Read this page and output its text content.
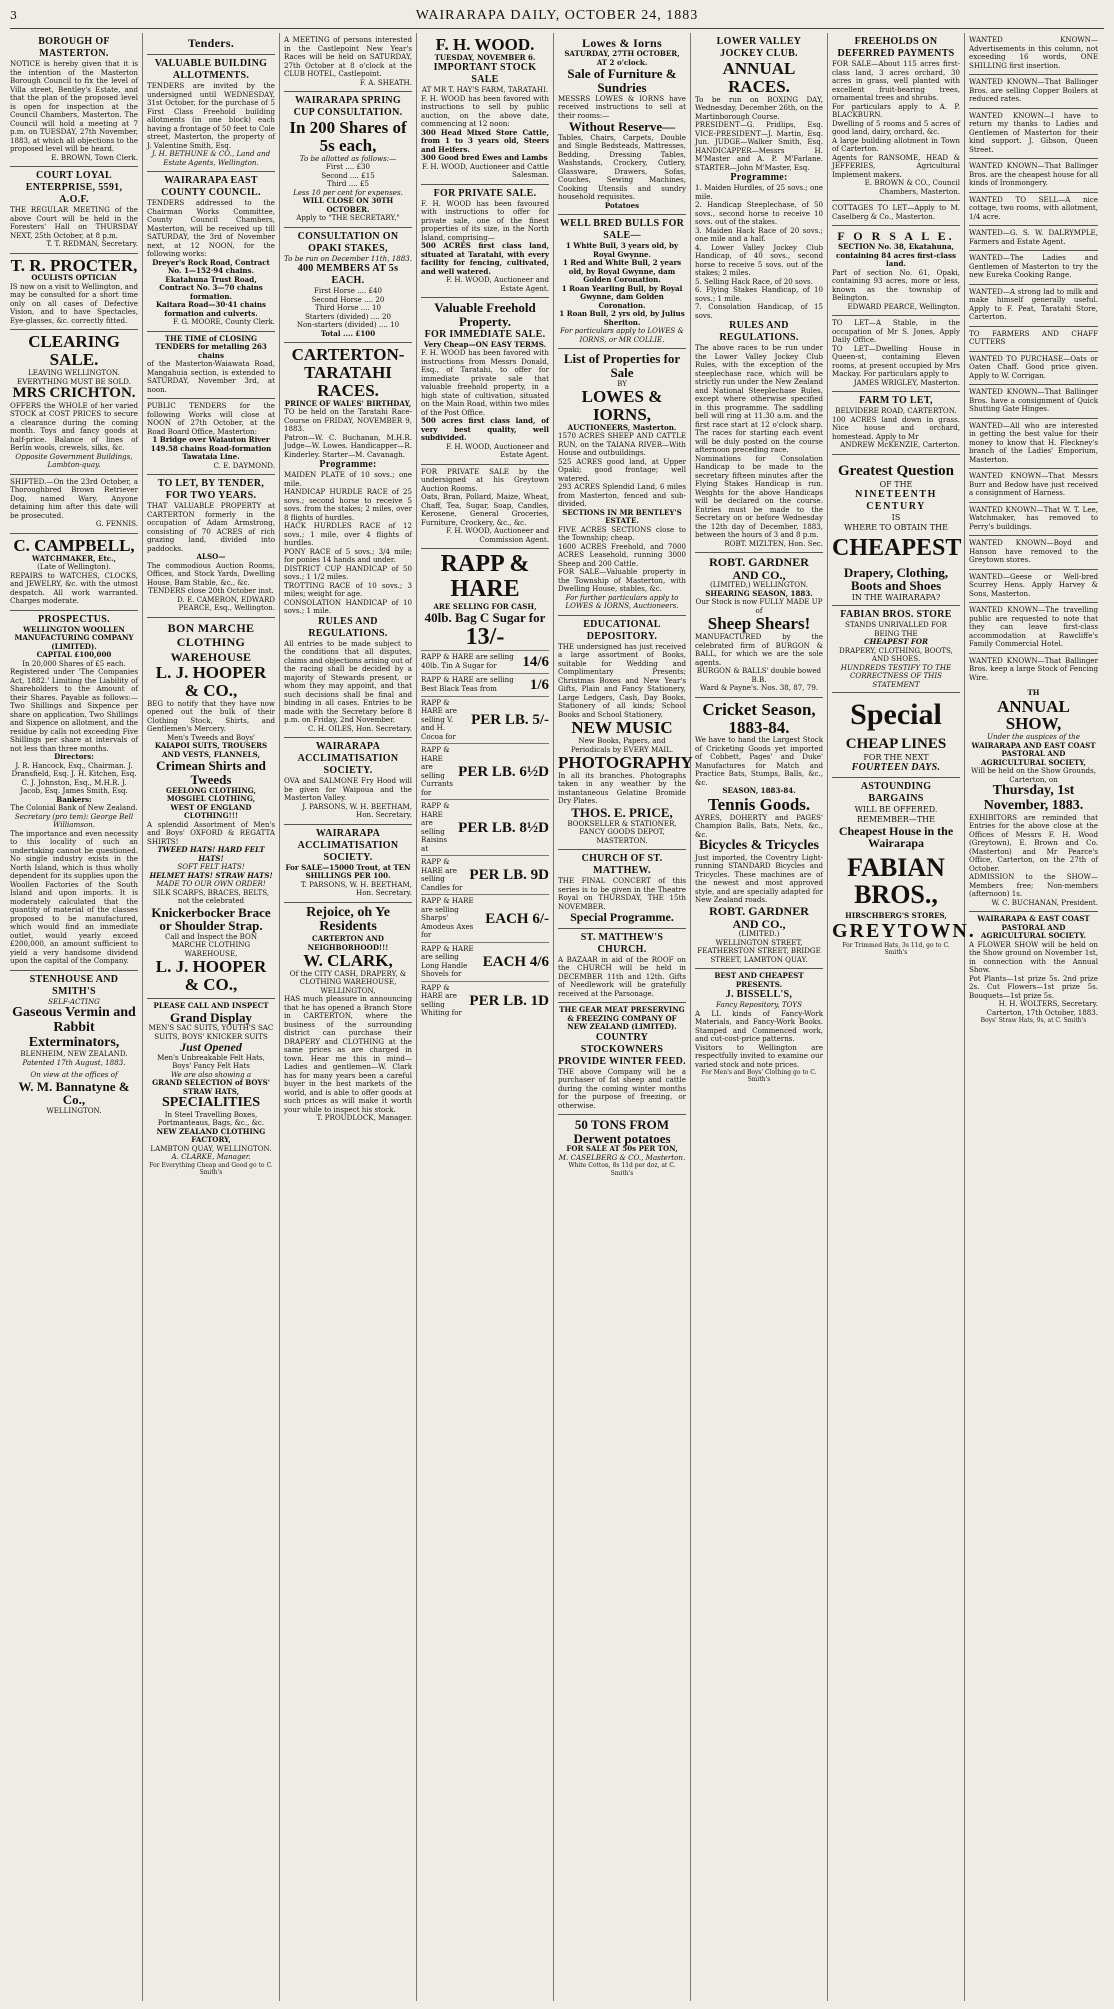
3	WAIRARAPA DAILY, OCTOBER 24, 1883
BOROUGH OF MASTERTON.
NOTICE is hereby given that it is the intention of the Masterton Borough Council to fix the level of Villa street, Bentley's Estate, and that the plan of the proposed level is open for inspection at the Council Chambers, Masterton. The Council will hold a meeting at 7 p.m. on TUESDAY, 27th November, 1883, at which all objections to the proposed level will be heard.
E. BROWN, Town Clerk.
COURT LOYAL ENTERPRISE, 5591, A.O.F.
THE REGULAR MEETING of the above Court will be held in the Foresters' Hall on THURSDAY NEXT, 25th October, at 8 p.m.
T. T. REDMAN, Secretary.
T. R. PROCTER,
OCULISTS OPTICIAN
IS now on a visit to Wellington, and may be consulted for a short time only on all cases of Defective Vision, and to have Spectacles, Eye-glasses, &c. correctly fitted.
CLEARING SALE.
LEAVING WELLINGTON.
EVERYTHING MUST BE SOLD.
MRS CRICHTON.
OFFERS the WHOLE of her varied STOCK at COST PRICES to secure a clearance during the coming month. Toys and fancy goods at half-price. Balance of lines of Berlin wools, crewels, silks, &c.
Opposite Government Buildings, Lambton-quay.
SHIFTED.—On the 23rd October, a Thoroughbred Brown Retriever Dog, named Wary. Anyone detaining him after this date will be prosecuted.
G. FENNIS.
C. CAMPBELL,
WATCHMAKER, Etc.,
(Late of Wellington).
REPAIRS to WATCHES, CLOCKS, and JEWELRY, &c. with the utmost despatch. All work warranted. Charges moderate.
PROSPECTUS.
WELLINGTON WOOLLEN MANUFACTURING COMPANY (LIMITED).
CAPITAL £100,000
In 20,000 Shares of £5 each.
Registered under 'The Companies Act, 1882.' Limiting the Liability of Shareholders to the Amount of their Shares. Payable as follows:—Two Shillings and Sixpence per share on application, Two Shillings and Sixpence on allotment, and the residue by calls not exceeding Five Shillings per share at intervals of not less than three months.
Directors:
J. R. Hancock, Esq., Chairman. J. Dransfield, Esq. J. H. Kitchen, Esq. C. J. Johnston, Esq., M.H.R. J. Jacob, Esq. James Smith, Esq.
Bankers:
The Colonial Bank of New Zealand.
Secretary (pro tem): George Bell Williamson.
The importance and even necessity to this locality of such an undertaking cannot be questioned. No single industry exists in the North Island, which is thus wholly dependent for its supplies upon the Woollen Factories of the South Island and upon imports. It is moderately calculated that the quantity of material of the classes proposed to be manufactured, which would find an immediate outlet, would yearly exceed £200,000, an amount sufficient to yield a very handsome dividend upon the capital of the Company.
STENHOUSE AND SMITH'S
SELF-ACTING
Gaseous Vermin and Rabbit Exterminators,
BLENHEIM, NEW ZEALAND.
Patented 17th August, 1883.
On view at the offices of
W. M. Bannatyne & Co.,
WELLINGTON.
Tenders.
VALUABLE BUILDING ALLOTMENTS.
TENDERS are invited by the undersigned until WEDNESDAY, 31st October, for the purchase of 5 First Class Freehold building allotments (in one block) each having a frontage of 50 feet to Cole street, Masterton, the property of J. Valentine Smith, Esq.
J. H. BETHUNE & CO., Land and Estate Agents, Wellington.
WAIRARAPA EAST COUNTY COUNCIL.
TENDERS addressed to the Chairman Works Committee, County Council Chambers, Masterton, will be received up till SATURDAY, the 3rd of November next, at 12 NOON, for the following works:
Dreyer's Rock Road, Contract No. 1—152·94 chains.
Ekatahuna Trust Road, Contract No. 3—70 chains formation.
Kaitara Road—30·41 chains formation and culverts.
F. G. MOORE, County Clerk.
THE TIME of CLOSING TENDERS for metalling 263 chains
of the Masterton-Waiawata Road, Mangahuia section, is extended to SATURDAY, November 3rd, at noon.
PUBLIC TENDERS for the following Works will close at NOON of 27th October, at the Road Board Office, Masterton:
1 Bridge over Waiauton River
149.58 chains Road-formation Tawataia Line.
C. E. DAYMOND.
TO LET, BY TENDER, FOR TWO YEARS.
THAT VALUABLE PROPERTY at CARTERTON formerly in the occupation of Adam Armstrong, consisting of 70 ACRES of rich grazing land, divided into paddocks.
ALSO—
The commodious Auction Rooms, Offices, and Stock Yards, Dwelling House, Bam Stable, &c., &c.
TENDERS close 20th October inst.
D. E. CAMERON, EDWARD PEARCE, Esq., Wellington.
BON MARCHE CLOTHING WAREHOUSE
L. J. HOOPER & CO.,
BEG to notify that they have now opened out the bulk of their Clothing Stock, Shirts, and Gentlemen's Mercery.
Men's Tweeds and Boys'
KAIAPOI SUITS, TROUSERS AND VESTS, FLANNELS,
Crimean Shirts and Tweeds
GEELONG CLOTHING, MOSGIEL CLOTHING,
WEST OF ENGLAND CLOTHING!!!
A splendid Assortment of Men's and Boys' OXFORD & REGATTA SHIRTS!
TWEED HATS! HARD FELT HATS!
SOFT FELT HATS!
HELMET HATS! STRAW HATS!
MADE TO OUR OWN ORDER!
SILK SCARFS, BRACES, BELTS, not the celebrated
Knickerbocker Brace or Shoulder Strap.
Call and Inspect the BON MARCHE CLOTHING WAREHOUSE,
L. J. HOOPER & CO.,
PLEASE CALL AND INSPECT
Grand Display
MEN'S SAC SUITS, YOUTH'S SAC SUITS, BOYS' KNICKER SUITS
Just Opened
Men's Unbreakable Felt Hats, Boys' Fancy Felt Hats
We are also showing a
GRAND SELECTION of BOYS' STRAW HATS,
SPECIALITIES
In Steel Travelling Boxes, Portmanteaus, Bags, &c., &c.
NEW ZEALAND CLOTHING FACTORY,
LAMBTON QUAY, WELLINGTON.
A. CLARKE, Manager.
For Everything Cheap and Good go to C. Smith's
A MEETING of persons interested in the Castlepoint New Year's Races will be held on SATURDAY, 27th October at 8 o'clock at the CLUB HOTEL, Castlepoint.
F. A. SHEATH.
WAIRARAPA SPRING CUP CONSULTATION.
In 200 Shares of 5s each,
To be allotted as follows:—
First .... £30
Second .... £15
Third .... £5
Less 10 per cent for expenses.
WILL CLOSE ON 30TH OCTOBER.
Apply to "THE SECRETARY,"
CONSULTATION ON OPAKI STAKES,
To be run on December 11th, 1883.
400 MEMBERS AT 5s EACH.
First Horse .... £40
Second Horse .... 20
Third Horse .... 10
Starters (divided) .... 20
Non-starters (divided) .... 10
Total .... £100
CARTERTON-TARATAHI RACES.
PRINCE OF WALES' BIRTHDAY,
TO be held on the Taratahi Race-Course on FRIDAY, NOVEMBER 9, 1883.
Patron—W. C. Buchanan, M.H.R. Judge—W. Lowes. Handicapper—R. Kinderley. Starter—M. Cavanagh.
Programme:
MAIDEN PLATE of 10 sovs.; one mile.
HANDICAP HURDLE RACE of 25 sovs.; second horse to receive 5 sovs. from the stakes; 2 miles, over 8 flights of hurdles.
HACK HURDLES RACE of 12 sovs.; 1 mile, over 4 flights of hurdles.
PONY RACE of 5 sovs.; 3/4 mile; for ponies 14 hands and under.
DISTRICT CUP HANDICAP of 50 sovs.; 1 1/2 miles.
TROTTING RACE of 10 sovs.; 3 miles; weight for age.
CONSOLATION HANDICAP of 10 sovs.; 1 mile.
RULES AND REGULATIONS.
All entries to be made subject to the conditions that all disputes, claims and objections arising out of the racing shall be decided by a majority of Stewards present, or whom they may appoint, and that such decisions shall be final and binding in all cases. Entries to be made with the Secretary before 8 p.m. on Friday, 2nd November.
C. H. OILES, Hon. Secretary.
WAIRARAPA ACCLIMATISATION SOCIETY.
OVA and SALMONE Fry Hood will be given for Waipoua and the Masterton Valley.
J. PARSONS, W. H. BEETHAM, Hon. Secretary.
WAIRARAPA ACCLIMATISATION SOCIETY.
For SALE—15000 Trout, at TEN SHILLINGS PER 100.
T. PARSONS, W. H. BEETHAM, Hon. Secretary.
Rejoice, oh Ye Residents
CARTERTON AND NEIGHBORHOOD!!!
W. CLARK,
Of the CITY CASH, DRAPERY, & CLOTHING WAREHOUSE, WELLINGTON,
HAS much pleasure in announcing that he has opened a Branch Store in CARTERTON, where the business of the surrounding district can purchase their DRAPERY and CLOTHING at the same prices as are charged in town. Hear me this in mind—Ladies and gentlemen—W. Clark has for many years been a careful buyer in the best markets of the world, and is able to offer goods at such prices as will make it worth your while to inspect his stock.
T. PROUDLOCK, Manager.
F. H. WOOD.
TUESDAY, NOVEMBER 6.
IMPORTANT STOCK SALE
AT MR T. HAY'S FARM, TARATAHI.
F. H. WOOD has been favored with instructions to sell by public auction, on the above date, commencing at 12 noon:
300 Head Mixed Store Cattle, from 1 to 3 years old, Steers and Heifers.
300 Good bred Ewes and Lambs
F. H. WOOD, Auctioneer and Cattle Salesman.
FOR PRIVATE SALE.
F. H. WOOD has been favoured with instructions to offer for private sale, one of the finest properties of its size, in the North Island, comprising—
500 ACRES first class land, situated at Taratahi, with every facility for fencing, cultivated, and well watered.
F. H. WOOD, Auctioneer and Estate Agent.
Valuable Freehold Property.
FOR IMMEDIATE SALE.
Very Cheap—ON EASY TERMS.
F. H. WOOD has been favored with instructions from Messrs Donald, Esq., of Taratahi, to offer for immediate private sale that valuable freehold property, in a high state of cultivation, situated on the Main Road, within two miles of the Post Office.
500 acres first class land, of very best quality, well subdivided.
F. H. WOOD, Auctioneer and Estate Agent.
FOR PRIVATE SALE by the undersigned at his Greytown Auction Rooms.
Oats, Bran, Pollard, Maize, Wheat, Chaff, Tea, Sugar, Soap, Candles, Kerosene, General Groceries, Furniture, Crockery, &c., &c.
F. H. WOOD, Auctioneer and Commission Agent.
RAPP & HARE
ARE SELLING FOR CASH,
40lb. Bag C Sugar for
13/-
RAPP & HARE are selling 40lb. Tin A Sugar for	14/6
RAPP & HARE are selling Best Black Teas from	1/6
RAPP & HARE are selling V. and H. Cocoa for
PER LB. 5/-
RAPP & HARE are selling Currants for
PER LB. 6½D
RAPP & HARE are selling Raisins at
PER LB. 8½D
RAPP & HARE are selling Candles for
PER LB. 9D
RAPP & HARE are selling Sharps' Amodeus Axes for
EACH 6/-
RAPP & HARE are selling Long Handle Shovels for
EACH 4/6
RAPP & HARE are selling Whiting for
PER LB. 1D
Lowes & Iorns
SATURDAY, 27TH OCTOBER, AT 2 o'clock.
Sale of Furniture & Sundries
MESSRS LOWES & IORNS have received instructions to sell at their rooms:—
Without Reserve—
Tables, Chairs, Carpets, Double and Single Bedsteads, Mattresses, Bedding, Dressing Tables, Washstands, Crockery, Cutlery, Glassware, Drawers, Sofas, Couches, Sewing Machines, Cooking Utensils and sundry household requisites.
Potatoes
WELL BRED BULLS FOR SALE—
1 White Bull, 3 years old, by Royal Gwynne.
1 Red and White Bull, 2 years old, by Royal Gwynne, dam Golden Coronation.
1 Roan Yearling Bull, by Royal Gwynne, dam Golden Coronation.
1 Roan Bull, 2 yrs old, by Julius Sheriton.
For particulars apply to LOWES & IORNS, or MR COLLIE.
List of Properties for Sale
BY
LOWES & IORNS,
AUCTIONEERS, Masterton.
1570 ACRES SHEEP AND CATTLE RUN, on the TAIANA RIVER—With House and outbuildings.
525 ACRES good land, at Upper Opaki; good frontage; well watered.
293 ACRES Splendid Land, 6 miles from Masterton, fenced and sub-divided.
SECTIONS IN MR BENTLEY'S ESTATE.
FIVE ACRES SECTIONS close to the Township; cheap.
1600 ACRES Freehold, and 7000 ACRES Leasehold, running 3000 Sheep and 200 Cattle.
FOR SALE—Valuable property in the Township of Masterton, with Dwelling House, stables, &c.
For further particulars apply to LOWES & IORNS, Auctioneers.
EDUCATIONAL DEPOSITORY.
THE undersigned has just received a large assortment of Books, suitable for Wedding and Complimentary Presents; Christmas Boxes and New Year's Gifts, Plain and Fancy Stationery, Large Ledgers, Cash, Day Books, Stationery of all kinds; School Books and School Stationery.
NEW MUSIC
New Books, Papers, and Periodicals by EVERY MAIL.
PHOTOGRAPHY
In all its branches. Photographs taken in any weather by the instantaneous Gelatine Bromide Dry Plates.
THOS. E. PRICE,
BOOKSELLER & STATIONER, FANCY GOODS DEPOT, MASTERTON.
CHURCH OF ST. MATTHEW.
THE FINAL CONCERT of this series is to be given in the Theatre Royal on THURSDAY, THE 15th NOVEMBER.
Special Programme.
ST. MATTHEW'S CHURCH.
A BAZAAR in aid of the ROOF on the CHURCH will be held in DECEMBER 11th and 12th. Gifts of Needlework will be gratefully received at the Parsonage.
THE GEAR MEAT PRESERVING & FREEZING COMPANY OF NEW ZEALAND (LIMITED).
COUNTRY STOCKOWNERS PROVIDE WINTER FEED.
THE above Company will be a purchaser of fat sheep and cattle during the coming winter months for the purpose of freezing, or otherwise.
50 TONS FROM Derwent potatoes
FOR SALE AT 50s PER TON,
M. CASELBERG & CO., Masterton.
White Cotton, 8s 11d per doz, at C. Smith's
LOWER VALLEY JOCKEY CLUB.
ANNUAL RACES.
To be run on BOXING DAY, Wednesday, December 26th, on the Martinborough Course.
PRESIDENT—G. Pridlips, Esq. VICE-PRESIDENT—J. Martin, Esq. Jun. JUDGE—Walker Smith, Esq. HANDICAPPER—Messrs H. M'Master and A. P. M'Farlane. STARTER—John M'Master, Esq.
Programme:
1. Maiden Hurdles, of 25 sovs.; one mile.
2. Handicap Steeplechase, of 50 sovs., second horse to receive 10 sovs. out of the stakes.
3. Maiden Hack Race of 20 sovs.; one mile and a half.
4. Lower Valley Jockey Club Handicap, of 40 sovs., second horse to receive 5 sovs. out of the stakes; 2 miles.
5. Selling Hack Race, of 20 sovs.
6. Flying Stakes Handicap, of 10 sovs.; 1 mile.
7. Consolation Handicap, of 15 sovs.
RULES AND REGULATIONS.
The above races to be run under the Lower Valley Jockey Club Rules, with the exception of the steeplechase race, which will be strictly run under the New Zealand and National Steeplechase Rules, except where otherwise specified in this programme. The saddling bell will ring at 11.30 a.m. and the first race start at 12 o'clock sharp. The races for starting each event will be duly posted on the course afternoon preceding race.
Nominations for Consolation Handicap to be made to the secretary fifteen minutes after the Flying Stakes Handicap is run. Weights for the above Handicaps will be declared on the course. Entries must be made to the Secretary on or before Wednesday the 12th day of December, 1883, between the hours of 3 and 8 p.m.
ROBT. MIZLTEN, Hon. Sec.
ROBT. GARDNER AND CO.,
(LIMITED,) WELLINGTON.
SHEARING SEASON, 1883.
Our Stock is now FULLY MADE UP of
Sheep Shears!
MANUFACTURED by the celebrated firm of BURGON & BALL, for which we are the sole agents.
BURGON & BALLS' double bowed B.B.
Ward & Payne's. Nos. 38, 87, 79.
Cricket Season,
1883-84.
We have to hand the Largest Stock of Cricketing Goods yet imported of Cobbett, Pages' and Duke' Manufactures for Match and Practice Bats, Stumps, Balls, &c., &c.
SEASON, 1883-84.
Tennis Goods.
AYRES, DOHERTY and PAGES' Champion Balls, Bats, Nets, &c., &c.
Bicycles & Tricycles
Just imported, the Coventry Light-running STANDARD Bicycles and Tricycles. These machines are of the newest and most approved style, and are specially adapted for New Zealand roads.
ROBT. GARDNER AND CO.,
(LIMITED.)
WELLINGTON STREET, FEATHERSTON STREET, BRIDGE STREET, LAMBTON QUAY.
BEST AND CHEAPEST PRESENTS.
J. BISSELL'S,
Fancy Repository, TOYS
A LL kinds of Fancy-Work Materials, and Fancy-Work Books. Stamped and Commenced work, and cut-cost-price patterns.
Visitors to Wellington are respectfully invited to examine our varied stock and note prices.
For Men's and Boys' Clothing go to C. Smith's
FREEHOLDS ON DEFERRED PAYMENTS
FOR SALE—About 115 acres first-class land, 3 acres orchard, 30 acres in grass, well planted with excellent fruit-bearing trees, ornamental trees and shrubs.
For particulars apply to A. P. BLACKBURN.
Dwelling of 5 rooms and 5 acres of good land, dairy, orchard, &c.
A large building allotment in Town of Carterton.
Agents for RANSOME, HEAD & JEFFERIES, Agricultural Implement makers.
E. BROWN & CO., Council Chambers, Masterton.
COTTAGES TO LET—Apply to M. Caselberg & Co., Masterton.
F O R S A L E.
SECTION No. 38, Ekatahuna, containing 84 acres first-class land.
Part of section No. 61, Opaki, containing 93 acres, more or less, known as the township of Belington.
EDWARD PEARCE, Wellington.
TO LET—A Stable, in the occupation of Mr S. Jones, Apply Daily Office.
TO LET—Dwelling House in Queen-st, containing Eleven rooms, at present occupied by Mrs Mackay. For particulars apply to
JAMES WRIGLEY, Masterton.
FARM TO LET,
BELVIDERE ROAD, CARTERTON.
100 ACRES land down in grass. Nice house and orchard, homestead. Apply to Mr
ANDREW McKENZIE, Carterton.
Greatest Question
OF THE
NINETEENTH CENTURY
IS
WHERE TO OBTAIN THE
CHEAPEST
Drapery, Clothing, Boots and Shoes
IN THE WAIRARAPA?
FABIAN BROS. STORE
STANDS UNRIVALLED FOR BEING THE
CHEAPEST FOR
DRAPERY, CLOTHING, BOOTS, AND SHOES.
HUNDREDS TESTIFY TO THE CORRECTNESS OF THIS STATEMENT
Special
CHEAP LINES
FOR THE NEXT
FOURTEEN DAYS.
ASTOUNDING BARGAINS
WILL BE OFFERED.
REMEMBER—THE
Cheapest House in the Wairarapa
FABIAN BROS.,
HIRSCHBERG'S STORES,
GREYTOWN.
For Trimmed Hats, 3s 11d, go to C. Smith's
WANTED KNOWN—Advertisements in this column, not exceeding 16 words, ONE SHILLING first insertion.
WANTED KNOWN—That Ballinger Bros. are selling Copper Boilers at reduced rates.
WANTED KNOWN—I have to return my thanks to Ladies and Gentlemen of Masterton for their kind support. J. Gibson, Queen Street.
WANTED KNOWN—That Ballinger Bros. are the cheapest house for all kinds of Ironmongery.
WANTED TO SELL—A nice cottage, two rooms, with allotment, 1/4 acre.
WANTED—G. S. W. DALRYMPLE, Farmers and Estate Agent.
WANTED—The Ladies and Gentlemen of Masterton to try the new Eureka Cooking Range.
WANTED—A strong lad to milk and make himself generally useful. Apply to F. Peat, Taratahi Store, Carterton.
TO FARMERS AND CHAFF CUTTERS
WANTED TO PURCHASE—Oats or Oaten Chaff. Good price given. Apply to W. Corrigan.
WANTED KNOWN—That Ballinger Bros. have a consignment of Quick Shutting Gate Hinges.
WANTED—All who are interested in getting the best value for their money to know that H. Fleckney's branch of the Ladies' Emporium, Masterton.
WANTED KNOWN—That Messrs Burr and Bedow have just received a consignment of Harness.
WANTED KNOWN—That W. T. Lee, Watchmaker, has removed to Perry's buildings.
WANTED KNOWN—Boyd and Hanson have removed to the Greytown stores.
WANTED—Geese or Well-bred Scurrey Hens. Apply Harvey & Sons, Masterton.
WANTED KNOWN—The travelling public are requested to note that they can leave first-class accommodation at Rawcliffe's Family Commercial Hotel.
WANTED KNOWN—That Ballinger Bros. keep a large Stock of Fencing Wire.
TH
ANNUAL SHOW,
Under the auspices of the
WAIRARAPA AND EAST COAST PASTORAL AND AGRICULTURAL SOCIETY,
Will be held on the Show Grounds, Carterton, on
Thursday, 1st November, 1883.
EXHIBITORS are reminded that Entries for the above close at the Offices of Messrs F. H. Wood (Greytown), E. Brown and Co. (Masterton) and Mr Pearce's Office, Carterton, on the 27th of October.
ADMISSION to the SHOW—Members free; Non-members (afternoon) 1s.
W. C. BUCHANAN, President.
WAIRARAPA & EAST COAST PASTORAL AND AGRICULTURAL SOCIETY.
A FLOWER SHOW will be held on the Show ground on November 1st, in connection with the Annual Show.
Pot Plants—1st prize 5s. 2nd prize 2s. Cut Flowers—1st prize 5s. Bouquets—1st prize 5s.
H. H. WOLTERS, Secretary. Carterton, 17th October, 1883.
Boys' Straw Hats, 9s, at C. Smith's
